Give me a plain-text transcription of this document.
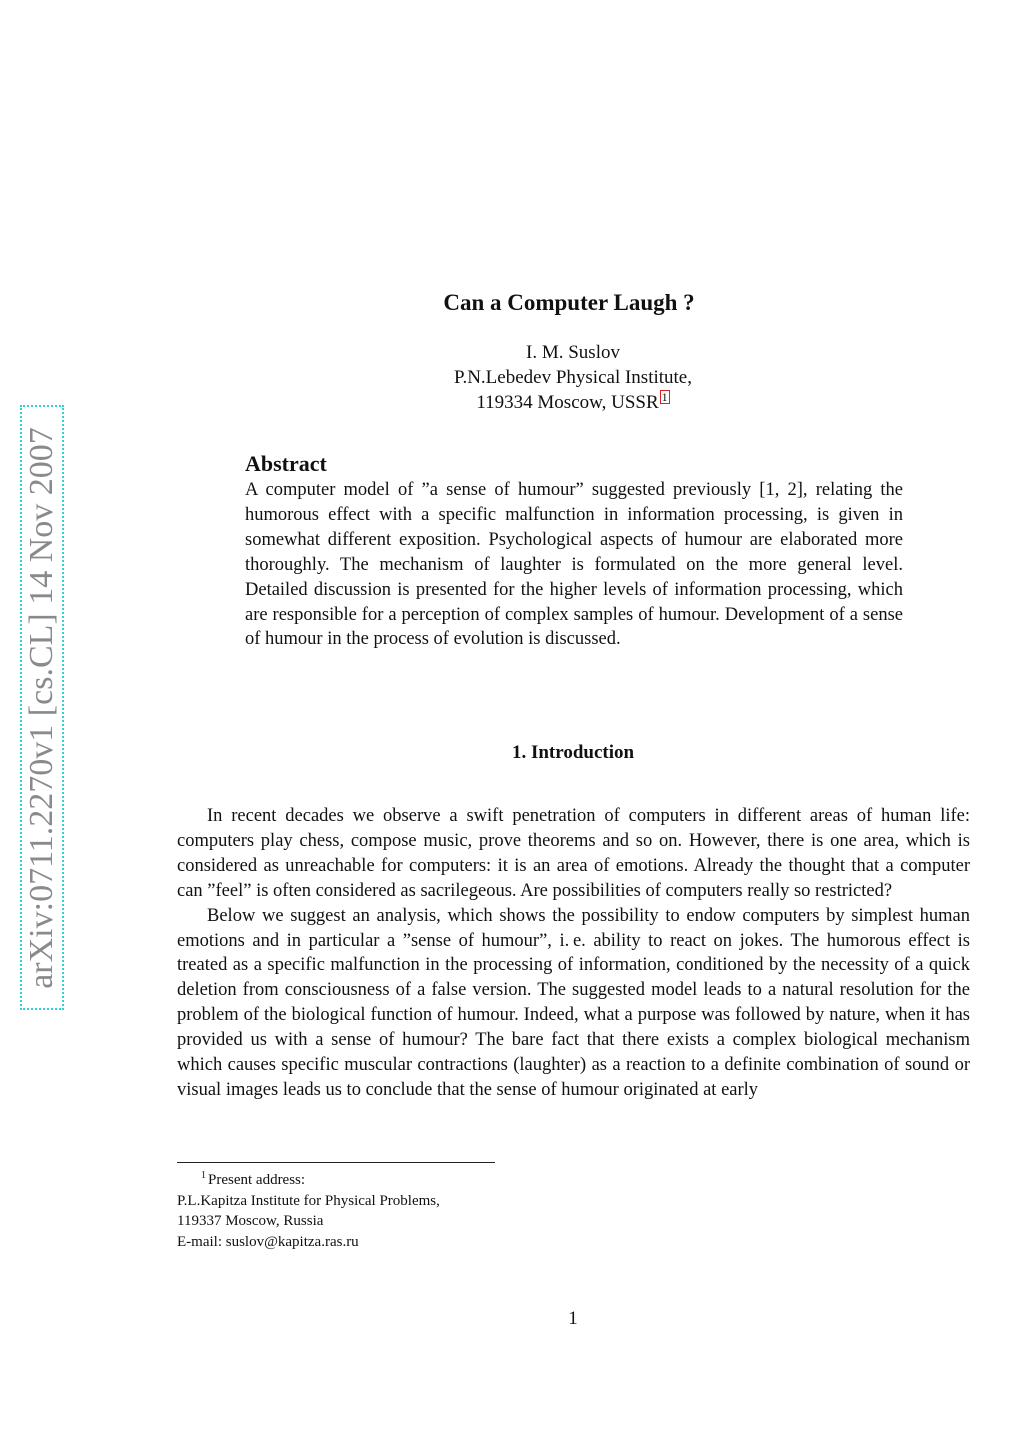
arXiv:0711.2270v1 [cs.CL] 14 Nov 2007
Can a Computer Laugh ?
I. M. Suslov
P.N.Lebedev Physical Institute,
119334 Moscow, USSR 1

Abstract

A computer model of ”a sense of humour” suggested previously [1, 2], relating the humorous effect with a specific malfunction in information processing, is given in somewhat different exposition. Psychological aspects of humour are elaborated more thoroughly. The mechanism of laughter is formulated on the more general level. Detailed discussion is presented for the higher levels of information processing, which are responsible for a perception of complex samples of humour. Development of a sense of humour in the process of evolution is discussed.

1. Introduction

In recent decades we observe a swift penetration of computers in different areas of human life: computers play chess, compose music, prove theorems and so on. However, there is one area, which is considered as unreachable for computers: it is an area of emotions. Already the thought that a computer can ”feel” is often considered as sacrilegeous. Are possibilities of computers really so restricted?

Below we suggest an analysis, which shows the possibility to endow computers by simplest human emotions and in particular a ”sense of humour”, i. e. ability to react on jokes. The humorous effect is treated as a specific malfunction in the processing of information, conditioned by the necessity of a quick deletion from consciousness of a false version. The suggested model leads to a natural resolution for the problem of the biological function of humour. Indeed, what a purpose was followed by nature, when it has provided us with a sense of humour? The bare fact that there exists a complex biological mechanism which causes specific muscular contractions (laughter) as a reaction to a definite combination of sound or visual images leads us to conclude that the sense of humour originated at early

$^1$ Present address:
P.L.Kapitza Institute for Physical Problems,
119337 Moscow, Russia
E-mail: suslov@kapitza.ras.ru
1
